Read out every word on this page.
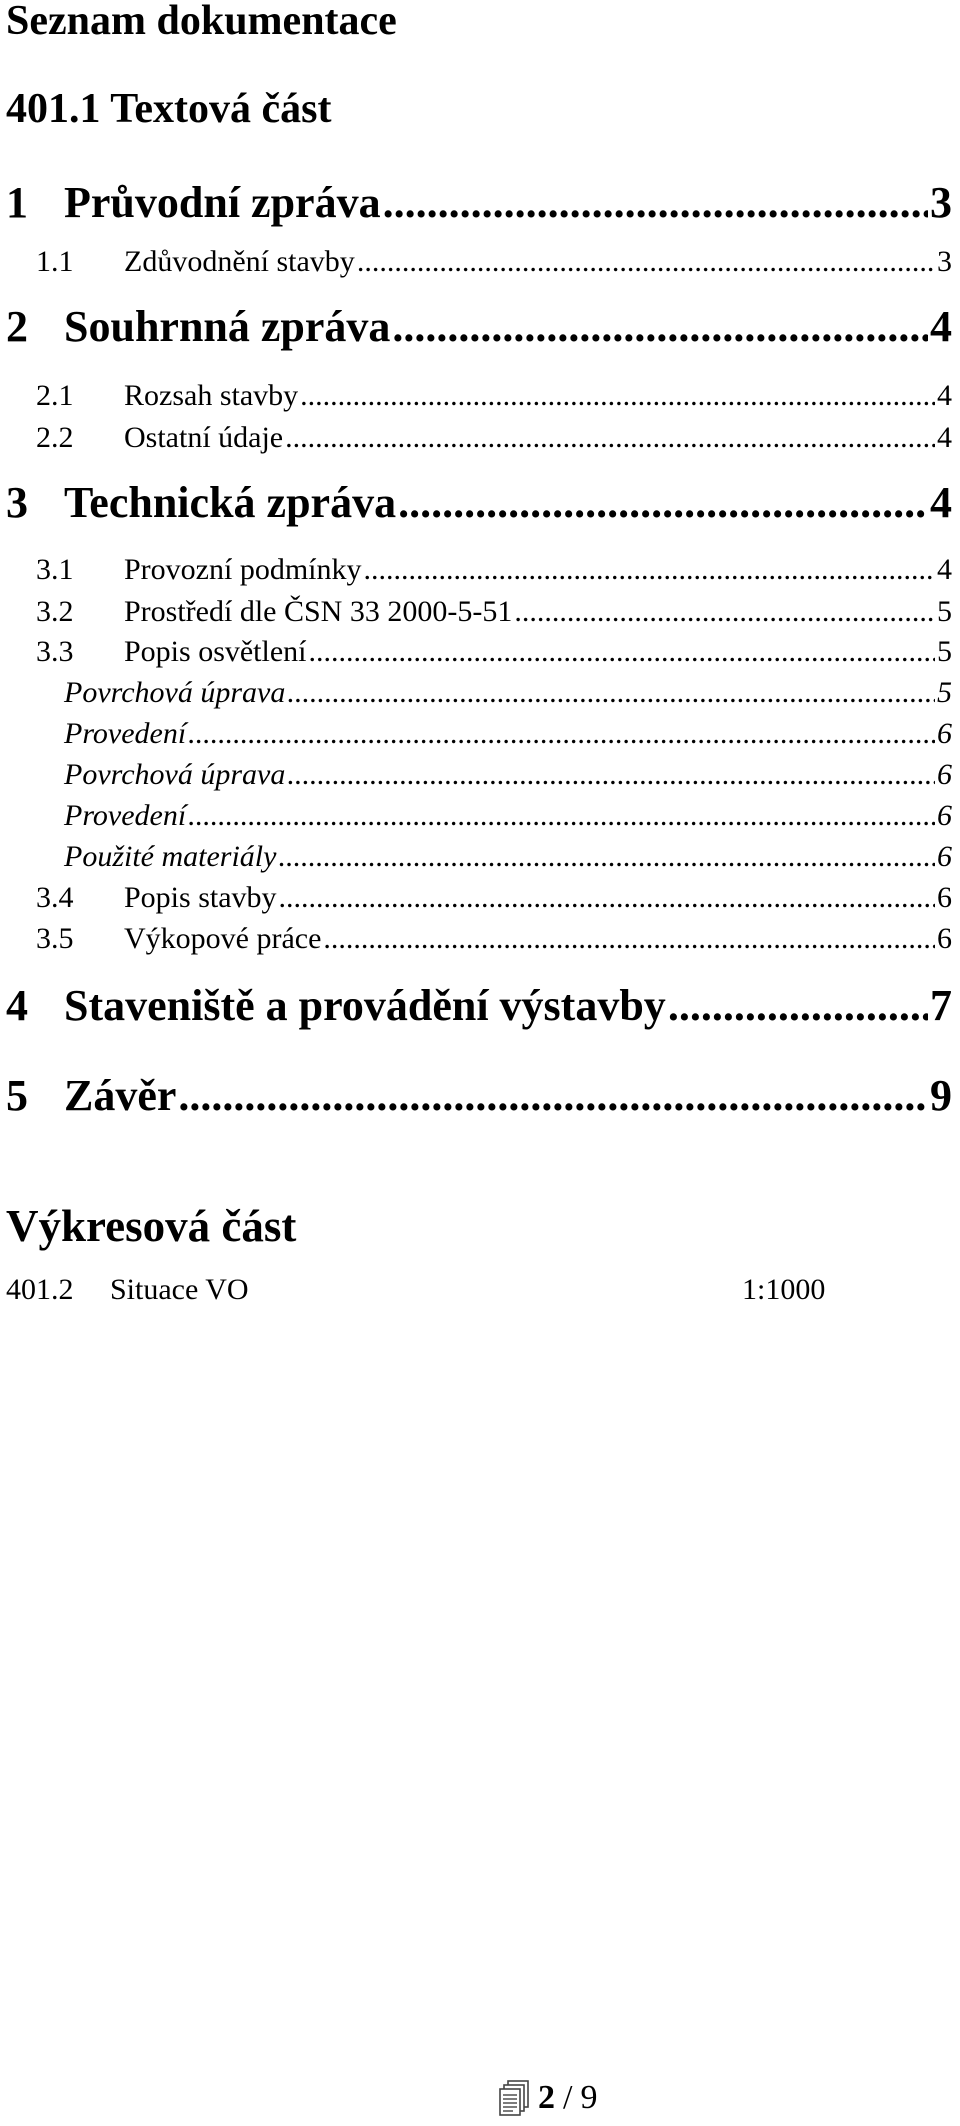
Seznam dokumentace
401.1 Textová část
1 Průvodní zpráva .....	3
1.1 Zdůvodnění stavby .....	3
2 Souhrnná zpráva .....	4
2.1 Rozsah stavby .....	4
2.2 Ostatní údaje .....	4
3 Technická zpráva .....	4
3.1 Provozní podmínky .....	4
3.2 Prostředí dle ČSN 33 2000-5-51 .....	5
3.3 Popis osvětlení .....	5
Povrchová úprava .....	5
Provedení .....	6
Povrchová úprava .....	6
Provedení .....	6
Použité materiály .....	6
3.4 Popis stavby .....	6
3.5 Výkopové práce .....	6
4 Staveniště a provádění výstavby .....	7
5 Závěr .....	9
Výkresová část
401.2 Situace VO	1:1000
2 / 9
